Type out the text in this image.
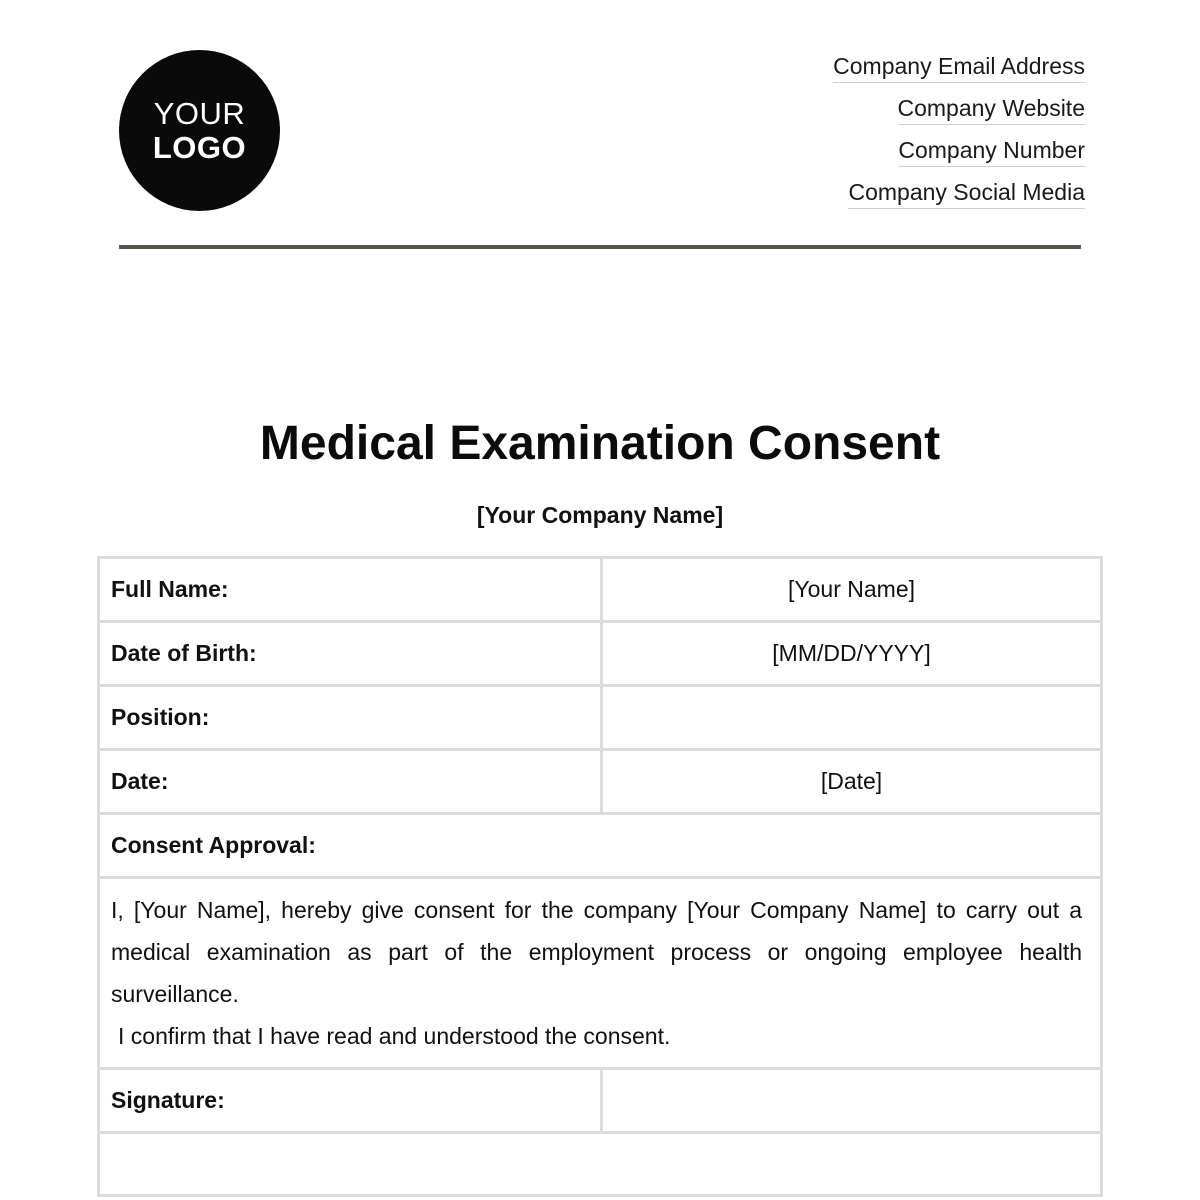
YOUR
LOGO
Company Email Address
Company Website
Company Number
Company Social Media
Medical Examination Consent
[Your Company Name]
Full Name:	[Your Name]
Date of Birth:	[MM/DD/YYYY]
Position:	
Date:	[Date]
Consent Approval:	
I, [Your Name], hereby give consent for the company [Your Company Name] to carry out a medical examination as part of the employment process or ongoing employee health surveillance.
I confirm that I have read and understood the consent.	

Signature:	
